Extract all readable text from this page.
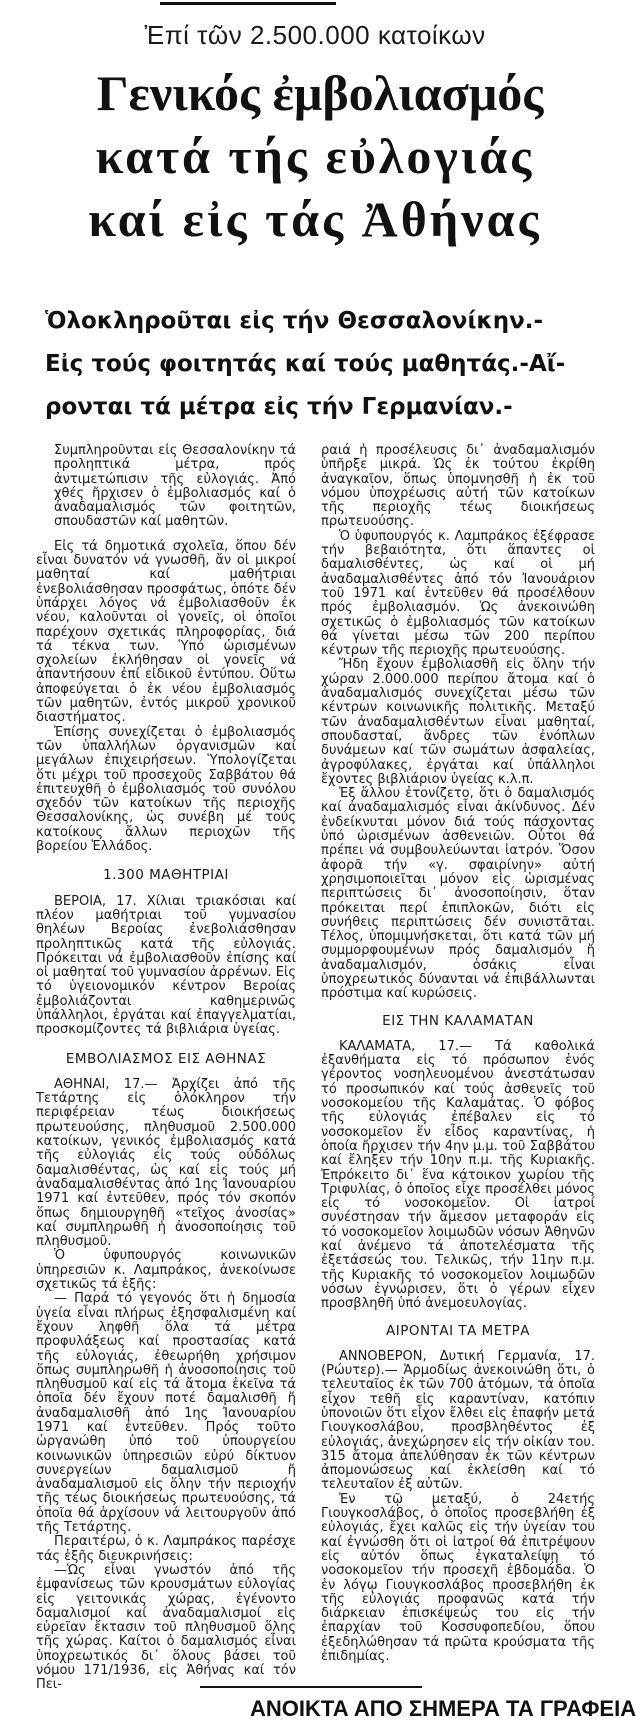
Ἐπί τῶν 2.500.000 κατοίκων
Γενικός ἐμβολιασμός
κατά τής εὐλογιάς
καί εἰς τάς Ἀθήνας
Ὁλοκληροῦται εἰς τήν Θεσσαλονίκην.-
Εἰς τούς φοιτητάς καί τούς μαθητάς.-Αἴ-
ρονται τά μέτρα εἰς τήν Γερμανίαν.-

Συμπληροῦνται εἰς Θεσσαλονίκην τά προληπτικά μέτρα, πρός ἀντιμετώπισιν τῆς εὐλογιάς. Ἀπό χθές ἤρχισεν ὁ ἐμβολιασμός καί ὁ ἀναδαμαλισμός τῶν φοιτητῶν, σπουδαστῶν καί μαθητῶν.

Εἰς τά δημοτικά σχολεῖα, ὅπου δέν εἶναι δυνατόν νά γνωσθῆ, ἄν οἱ μικροί μαθηταί καί μαθήτριαι ἐνεβολιάσθησαν προσφάτως, ὁπότε δέν ὑπάρχει λόγος νά ἐμβολιασθοῦν ἐκ νέου, καλοῦνται οἱ γονεῖς, οἱ ὁποῖοι παρέχουν σχετικάς πληροφορίας, διά τά τέκνα των. Ὑπό ὡρισμένων σχολείων ἐκλήθησαν οἱ γονεῖς νά ἀπαντήσουν ἐπί εἰδικοῦ ἐντύπου. Οὕτω ἀποφεύγεται ὁ ἐκ νέου ἐμβολιασμός τῶν μαθητῶν, ἐντός μικροῦ χρονικοῦ διαστήματος.

Ἐπίσης συνεχίζεται ὁ ἐμβολιασμός τῶν ὑπαλλήλων ὀργανισμῶν καί μεγάλων ἐπιχειρήσεων. Ὑπολογίζεται ὅτι μέχρι τοῦ προσεχοῦς Σαββάτου θά ἐπιτευχθῆ ὁ ἐμβολιασμός τοῦ συνόλου σχεδόν τῶν κατοίκων τῆς περιοχῆς Θεσσαλονίκης, ὡς συνέβη μέ τούς κατοίκους ἄλλων περιοχῶν τῆς βορείου Ἑλλάδος.

1.300 ΜΑΘΗΤΡΙΑΙ

ΒΕΡΟΙΑ, 17. Χίλιαι τριακόσιαι καί πλέον μαθήτριαι τοῦ γυμνασίου θηλέων Βεροίας ἐνεβολιάσθησαν προληπτικῶς κατά τῆς εὐλογιάς. Πρόκειται νά ἐμβολιασθοῦν ἐπίσης καί οἱ μαθηταί τοῦ γυμνασίου ἀρρένων. Εἰς τό ὑγειονομικόν κέντρον Βεροίας ἐμβολιάζονται καθημερινῶς ὑπάλληλοι, ἐργάται καί ἐπαγγελματίαι, προσκομίζοντες τά βιβλιάρια ὑγείας.

ΕΜΒΟΛΙΑΣΜΟΣ ΕΙΣ ΑΘΗΝΑΣ

ΑΘΗΝΑΙ, 17.— Ἀρχίζει ἀπό τῆς Τετάρτης εἰς ὁλόκληρον τήν περιφέρειαν τέως διοικήσεως πρωτευούσης, πληθυσμοῦ 2.500.000 κατοίκων, γενικός ἐμβολιασμός κατά τῆς εὐλογιάς εἰς τούς οὐδόλως δαμαλισθέντας, ὡς καί εἰς τούς μή ἀναδαμαλισθέντας ἀπό 1ης Ἰανουαρίου 1971 καί ἐντεῦθεν, πρός τόν σκοπόν ὅπως δημιουργηθῆ «τεῖχος ἀνοσίας» καί συμπληρωθῆ ἡ ἀνοσοποίησις τοῦ πληθυσμοῦ.

Ὁ ὑφυπουργός κοινωνικῶν ὑπηρεσιῶν κ. Λαμπράκος, ἀνεκοίνωσε σχετικῶς τά ἑξῆς:

— Παρά τό γεγονός ὅτι ἡ δημοσία ὑγεία εἶναι πλήρως ἐξησφαλισμένη καί ἔχουν ληφθῆ ὅλα τά μέτρα προφυλάξεως καί προστασίας κατά τῆς εὐλογιάς, ἐθεωρήθη χρήσιμον ὅπως συμπληρωθῆ ἡ ἀνοσοποίησις τοῦ πληθυσμοῦ καί εἰς τά ἄτομα ἐκεῖνα τά ὁποῖα δέν ἔχουν ποτέ δαμαλισθῆ ἤ ἀναδαμαλισθῆ ἀπό 1ης Ἰανουαρίου 1971 καί ἐντεῦθεν. Πρός τοῦτο ὠργανώθη ὑπό τοῦ ὑπουργείου κοινωνικῶν ὑπηρεσιῶν εὐρύ δίκτυον συνεργείων δαμαλισμοῦ ἤ ἀναδαμαλισμοῦ εἰς ὅλην τήν περιοχήν τῆς τέως διοικήσεως πρωτευούσης, τά ὁποῖα θά ἀρχίσουν νά λειτουργοῦν ἀπό τῆς Τετάρτης.

Περαιτέρω, ὁ κ. Λαμπράκος παρέσχε τάς ἑξῆς διευκρινήσεις:

—Ὡς εἶναι γνωστόν ἀπό τῆς ἐμφανίσεως τῶν κρουσμάτων εὐλογίας εἰς γειτονικάς χώρας, ἐγένοντο δαμαλισμοί καί ἀναδαμαλισμοί εἰς εὐρεῖαν ἔκτασιν τοῦ πληθυσμοῦ ὅλης τῆς χώρας. Καίτοι ὁ δαμαλισμός εἶναι ὑποχρεωτικός δι᾽ ὅλους βάσει τοῦ νόμου 171/1936, εἰς Ἀθήνας καί τόν Πει-

ραιά ἡ προσέλευσις δι᾽ ἀναδαμαλισμόν ὑπῆρξε μικρά. Ὡς ἐκ τούτου ἐκρίθη ἀναγκαῖον, ὅπως ὑπομνησθῆ ἡ ἐκ τοῦ νόμου ὑποχρέωσις αὐτή τῶν κατοίκων τῆς περιοχῆς τέως διοικήσεως πρωτευούσης.

Ὁ ὑφυπουργός κ. Λαμπράκος ἐξέφρασε τήν βεβαιότητα, ὅτι ἅπαντες οἱ δαμαλισθέντες, ὡς καί οἱ μή ἀναδαμαλισθέντες ἀπό τόν Ἰανουάριον τοῦ 1971 καί ἐντεῦθεν θά προσέλθουν πρός ἐμβολιασμόν. Ὡς ἀνεκοινώθη σχετικῶς ὁ ἐμβολιασμός τῶν κατοίκων θά γίνεται μέσω τῶν 200 περίπου κέντρων τῆς περιοχῆς πρωτευούσης.

Ἤδη ἔχουν ἐμβολιασθῆ εἰς ὅλην τήν χώραν 2.000.000 περίπου ἄτομα καί ὁ ἀναδαμαλισμός συνεχίζεται μέσω τῶν κέντρων κοινωνικῆς πολιτικῆς. Μεταξύ τῶν ἀναδαμαλισθέντων εἶναι μαθηταί, σπουδασταί, ἄνδρες τῶν ἐνόπλων δυνάμεων καί τῶν σωμάτων ἀσφαλείας, ἀγροφύλακες, ἐργάται καί ὑπάλληλοι ἔχοντες βιβλιάριον ὑγείας κ.λ.π.

Ἐξ ἄλλου ἐτονίζετο, ὅτι ὁ δαμαλισμός καί ἀναδαμαλισμός εἶναι ἀκίνδυνος. Δέν ἐνδείκνυται μόνον διά τούς πάσχοντας ὑπό ὡρισμένων ἀσθενειῶν. Οὗτοι θά πρέπει νά συμβουλεύωνται ἰατρόν. Ὅσον ἀφορᾶ τήν «γ. σφαιρίνην» αὐτή χρησιμοποιεῖται μόνον εἰς ὡρισμένας περιπτώσεις δι᾽ ἀνοσοποίησιν, ὅταν πρόκειται περί ἐπιπλοκῶν, διότι εἰς συνήθεις περιπτώσεις δέν συνιστᾶται. Τέλος, ὑπομιμνήσκεται, ὅτι κατά τῶν μή συμμορφουμένων πρός δαμαλισμόν ἤ ἀναδαμαλισμόν, ὁσάκις εἶναι ὑποχρεωτικός δύνανται νά ἐπιβάλλωνται πρόστιμα καί κυρώσεις.

ΕΙΣ ΤΗΝ ΚΑΛΑΜΑΤΑΝ

ΚΑΛΑΜΑΤΑ, 17.— Τά καθολικά ἐξανθήματα εἰς τό πρόσωπον ἑνός γέροντος νοσηλευομένου ἀνεστάτωσαν τό προσωπικόν καί τούς ἀσθενεῖς τοῦ νοσοκομείου τῆς Καλαμάτας. Ὁ φόβος τῆς εὐλογιάς ἐπέβαλεν εἰς τό νοσοκομεῖον ἕν εἶδος καραντίνας, ἡ ὁποία ἤρχισεν τήν 4ην μ.μ. τοῦ Σαββάτου καί ἔληξεν τήν 10ην π.μ. τῆς Κυριακῆς. Ἐπρόκειτο δι᾽ ἕνα κάτοικον χωρίου τῆς Τριφυλίας, ὁ ὁποῖος εἶχε προσέλθει μόνος εἰς τό νοσοκομεῖον. Οἱ ἰατροί συνέστησαν τήν ἄμεσον μεταφοράν εἰς τό νοσοκομεῖον λοιμωδῶν νόσων Ἀθηνῶν καί ἀνέμενο τά ἀποτελέσματα τῆς ἐξετάσεώς του. Τελικῶς, τήν 11ην π.μ. τῆς Κυριακῆς τό νοσοκομεῖον λοιμωδῶν νόσων ἐγνώρισεν, ὅτι ὁ γέρων εἶχεν προσβληθῆ ὑπό ἀνεμοευλογίας.

ΑΙΡΟΝΤΑΙ ΤΑ ΜΕΤΡΑ

ΑΝΝΟΒΕΡΟΝ, Δυτική Γερμανία, 17. (Ρώυτερ).— Ἁρμοδίως ἀνεκοινώθη ὅτι, ὁ τελευταῖος ἐκ τῶν 700 ἀτόμων, τά ὁποῖα εἶχον τεθῆ εἰς καραντίναν, κατόπιν ὑπονοιῶν ὅτι εἶχον ἔλθει εἰς ἐπαφήν μετά Γιουγκοσλάβου, προσβληθέντος ἐξ εὐλογιάς, ἀνεχώρησεν εἰς τήν οἰκίαν του. 315 ἄτομα ἀπελύθησαν ἐκ τῶν κέντρων ἀπομονώσεως καί ἐκλείσθη καί τό τελευταῖον ἐξ αὐτῶν.

Ἐν τῷ μεταξύ, ὁ 24ετής Γιουγκοσλάβος, ὁ ὁποῖος προσεβλήθη ἐξ εὐλογιάς, ἔχει καλῶς εἰς τήν ὑγείαν του καί ἐγνώσθη ὅτι οἱ ἰατροί θά ἐπιτρέψουν εἰς αὐτόν ὅπως ἐγκαταλείψῃ τό νοσοκομεῖον τήν προσεχῆ ἑβδομάδα. Ὁ ἐν λόγῳ Γιουγκοσλάβος προσεβλήθη ἐκ τῆς εὐλογιάς προφανῶς κατά τήν διάρκειαν ἐπισκέψεώς του εἰς τήν ἐπαρχίαν τοῦ Κοσσυφοπεδίου, ὅπου ἐξεδηλώθησαν τά πρῶτα κρούσματα τῆς ἐπιδημίας.

ΑΝΟΙΚΤΑ ΑΠΟ ΣΗΜΕΡΑ ΤΑ ΓΡΑΦΕΙΑ
